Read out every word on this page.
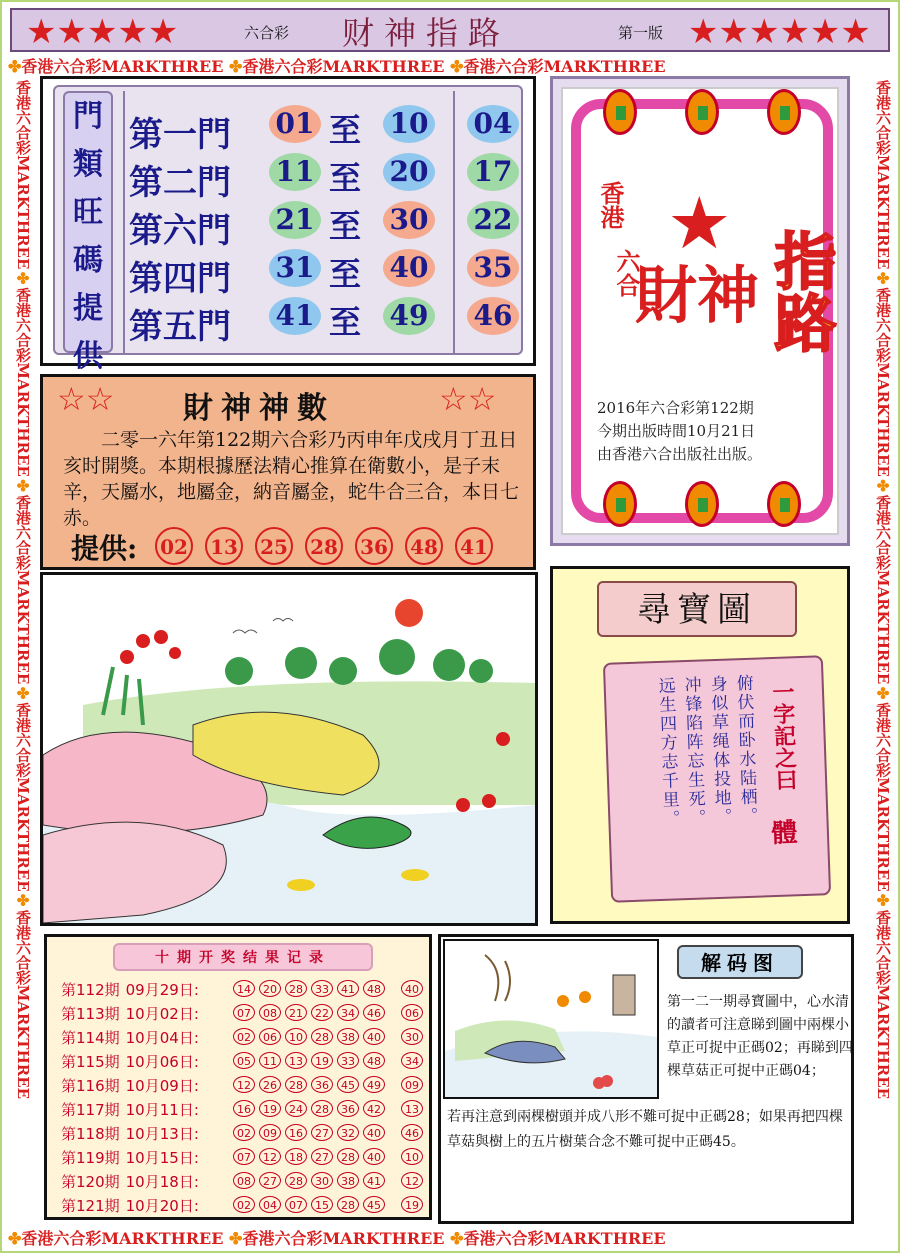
★★★★★	六合彩 财神指路	第一版 ★★★★★★
✤香港六合彩MARKTHREE ✤香港六合彩MARKTHREE ✤香港六合彩MARKTHREE
✤香港六合彩MARKTHREE ✤香港六合彩MARKTHREE ✤香港六合彩MARKTHREE
香港六合彩MARKTHREE✤香港六合彩MARKTHREE✤香港六合彩MARKTHREE✤香港六合彩MARKTHREE✤香港六合彩MARKTHREE
香港六合彩MARKTHREE✤香港六合彩MARKTHREE✤香港六合彩MARKTHREE✤香港六合彩MARKTHREE✤香港六合彩MARKTHREE
門
類
旺
碼
提
供
第一門 01 至 10 04
第二門 11 至 20 17
第六門 21 至 30 22
第四門 31 至 40 35
第五門 41 至 49 46
★
香港
六合
財神 指路
2016年六合彩第122期
今期出版時間10月21日
由香港六合出版社出版。
☆☆ 財神神數	☆☆
二零一六年第122期六合彩乃丙申年戊戌月丁丑日亥时開獎。本期根據歷法精心推算在衛數小，是子末辛，天屬水，地屬金，納音屬金，蛇牛合三合，本日七赤。
提供: 02 13 25 28 36 48 41
尋寶圖
俯伏而卧水陆栖。
身似草绳体投地。
冲锋陷阵忘生死。
远生四方志千里。
一字記之曰
體
十期开奖结果记录
第112期 09月29日:	14	20	28	33	41	48	40
第113期 10月02日:	07	08	21	22	34	46	06
第114期 10月04日:	02	06	10	28	38	40	30
第115期 10月06日:	05	11	13	19	33	48	34
第116期 10月09日:	12	26	28	36	45	49	09
第117期 10月11日:	16	19	24	28	36	42	13
第118期 10月13日:	02	09	16	27	32	40	46
第119期 10月15日:	07	12	18	27	28	40	10
第120期 10月18日:	08	27	28	30	38	41	12
第121期 10月20日:	02	04	07	15	28	45	19
解码图
第一二一期尋寶圖中，心水清的讀者可注意睇到圖中兩棵小草正可捉中正碼02；再睇到四棵草菇正可捉中正碼04；
若再注意到兩棵樹頭并成八形不難可捉中正碼28；如果再把四棵草菇與樹上的五片樹葉合念不難可捉中正碼45。
